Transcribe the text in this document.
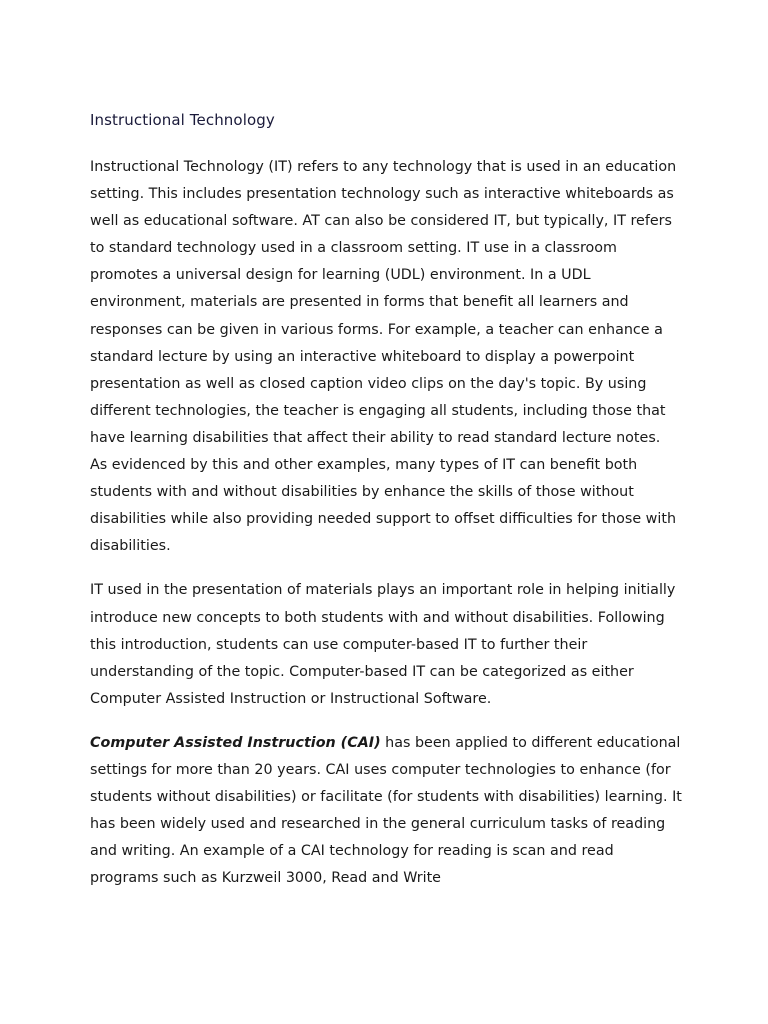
Instructional Technology

Instructional Technology (IT) refers to any technology that is used in an education setting. This includes presentation technology such as interactive whiteboards as well as educational software. AT can also be considered IT, but typically, IT refers to standard technology used in a classroom setting. IT use in a classroom promotes a universal design for learning (UDL) environment. In a UDL environment, materials are presented in forms that benefit all learners and responses can be given in various forms. For example, a teacher can enhance a standard lecture by using an interactive whiteboard to display a powerpoint presentation as well as closed caption video clips on the day's topic. By using different technologies, the teacher is engaging all students, including those that have learning disabilities that affect their ability to read standard lecture notes. As evidenced by this and other examples, many types of IT can benefit both students with and without disabilities by enhance the skills of those without disabilities while also providing needed support to offset difficulties for those with disabilities.

IT used in the presentation of materials plays an important role in helping initially introduce new concepts to both students with and without disabilities. Following this introduction, students can use computer-based IT to further their understanding of the topic. Computer-based IT can be categorized as either Computer Assisted Instruction or Instructional Software.

Computer Assisted Instruction (CAI) has been applied to different educational settings for more than 20 years. CAI uses computer technologies to enhance (for students without disabilities) or facilitate (for students with disabilities) learning. It has been widely used and researched in the general curriculum tasks of reading and writing. An example of a CAI technology for reading is scan and read programs such as Kurzweil 3000, Read and Write
